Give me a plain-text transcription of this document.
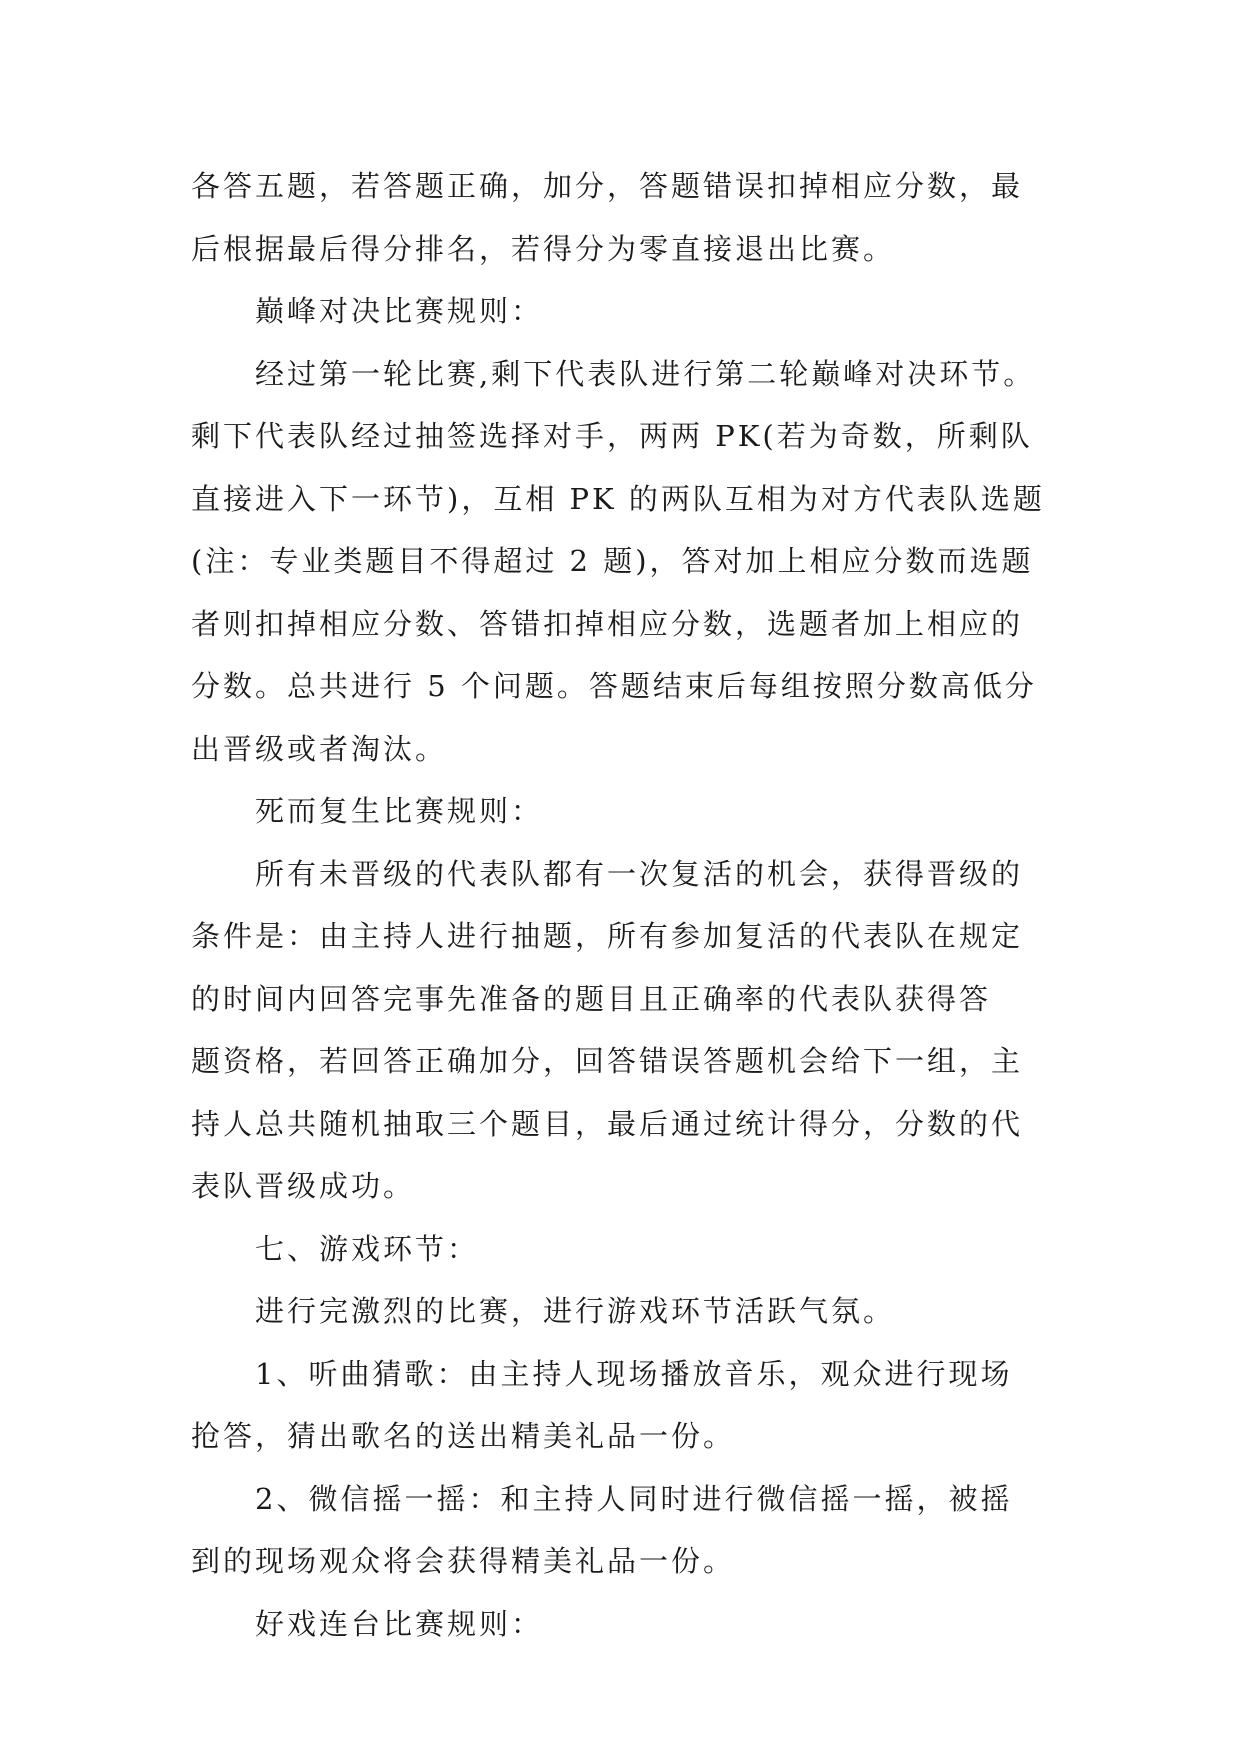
各答五题，若答题正确，加分，答题错误扣掉相应分数，最
后根据最后得分排名，若得分为零直接退出比赛。

巅峰对决比赛规则：

经过第一轮比赛,剩下代表队进行第二轮巅峰对决环节。
剩下代表队经过抽签选择对手，两两 PK(若为奇数，所剩队
直接进入下一环节)，互相 PK 的两队互相为对方代表队选题
(注：专业类题目不得超过 2 题)，答对加上相应分数而选题
者则扣掉相应分数、答错扣掉相应分数，选题者加上相应的
分数。总共进行 5 个问题。答题结束后每组按照分数高低分
出晋级或者淘汰。

死而复生比赛规则：

所有未晋级的代表队都有一次复活的机会，获得晋级的
条件是：由主持人进行抽题，所有参加复活的代表队在规定
的时间内回答完事先准备的题目且正确率的代表队获得答
题资格，若回答正确加分，回答错误答题机会给下一组，主
持人总共随机抽取三个题目，最后通过统计得分，分数的代
表队晋级成功。

七、游戏环节：

进行完激烈的比赛，进行游戏环节活跃气氛。

1、听曲猜歌：由主持人现场播放音乐，观众进行现场
抢答，猜出歌名的送出精美礼品一份。

2、微信摇一摇：和主持人同时进行微信摇一摇，被摇
到的现场观众将会获得精美礼品一份。

好戏连台比赛规则：
